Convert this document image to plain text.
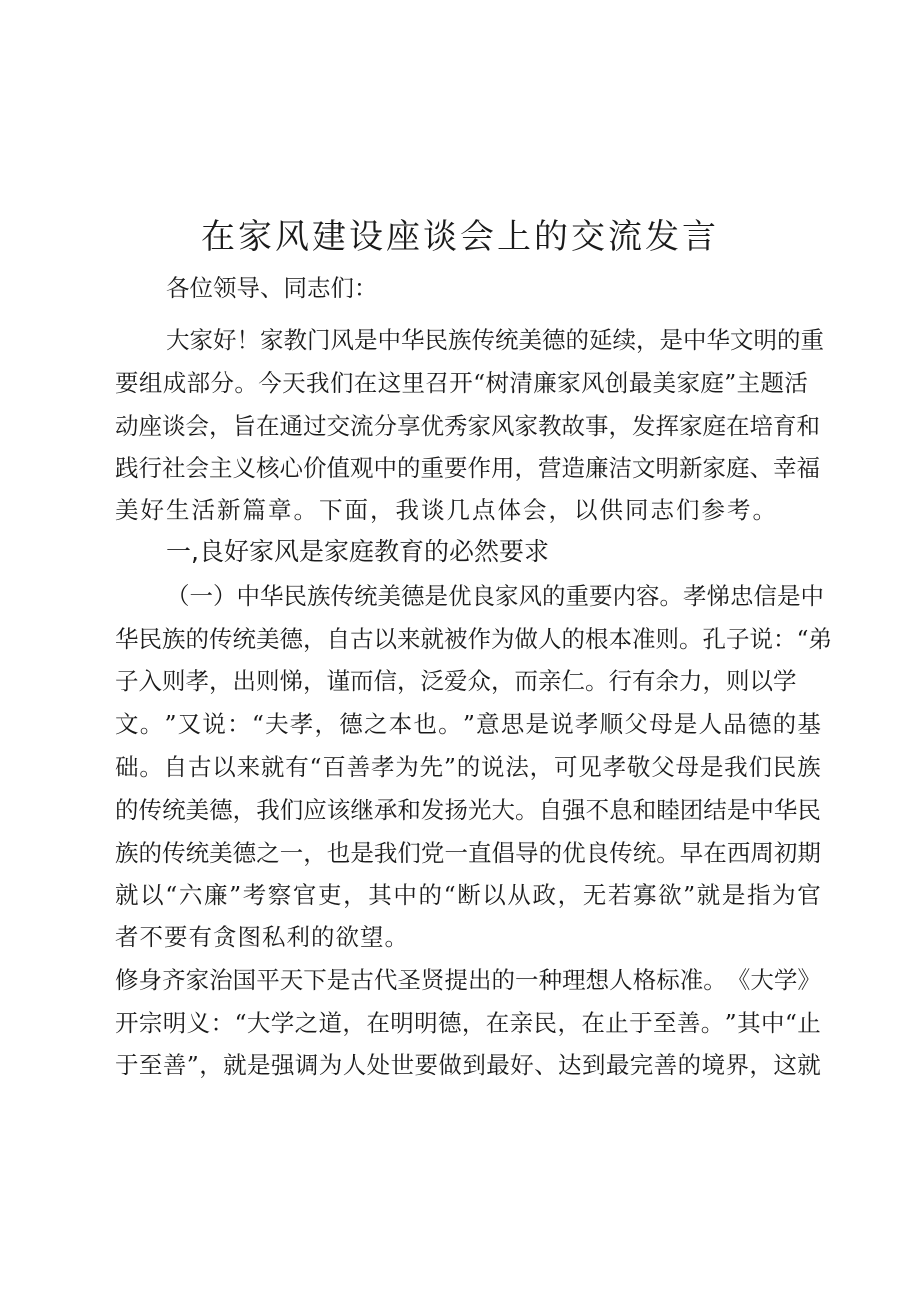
在家风建设座谈会上的交流发言
各位领导、同志们：
大 家 好 ！ 家 教 门 风 是 中 华 民 族 传 统 美 德 的 延 续 ， 是 中 华 文 明 的 重
要 组 成 部 分 。 今 天 我 们 在 这 里 召 开 “ 树 清 廉 家 风 创 最 美 家 庭 ” 主 题 活
动 座 谈 会 ， 旨 在 通 过 交 流 分 享 优 秀 家 风 家 教 故 事 ， 发 挥 家 庭 在 培 育 和
践 行 社 会 主 义 核 心 价 值 观 中 的 重 要 作 用 ， 营 造 廉 洁 文 明 新 家 庭 、 幸 福
美好生活新篇章。下面，我谈几点体会，以供同志们参考。
一,良好家风是家庭教育的必然要求
（ 一 ） 中 华 民 族 传 统 美 德 是 优 良 家 风 的 重 要 内 容 。 孝 悌 忠 信 是 中
华 民 族 的 传 统 美 德 ， 自 古 以 来 就 被 作 为 做 人 的 根 本 准 则 。 孔 子 说 ： “ 弟
子 入 则 孝 ， 出 则 悌 ， 谨 而 信 ， 泛 爱 众 ， 而 亲 仁 。 行 有 余 力 ， 则 以 学
文 。 ” 又 说 ： “ 夫 孝 ， 德 之 本 也 。 ” 意 思 是 说 孝 顺 父 母 是 人 品 德 的 基
础 。 自 古 以 来 就 有 “ 百 善 孝 为 先 ” 的 说 法 ， 可 见 孝 敬 父 母 是 我 们 民 族
的 传 统 美 德 ， 我 们 应 该 继 承 和 发 扬 光 大 。 自 强 不 息 和 睦 团 结 是 中 华 民
族 的 传 统 美 德 之 一 ， 也 是 我 们 党 一 直 倡 导 的 优 良 传 统 。 早 在 西 周 初 期
就 以 “ 六 廉 ” 考 察 官 吏 ， 其 中 的 “ 断 以 从 政 ， 无 若 寡 欲 ” 就 是 指 为 官
者不要有贪图私利的欲望。
修 身 齐 家 治 国 平 天 下 是 古 代 圣 贤 提 出 的 一 种 理 想 人 格 标 准 。 《 大 学 》
开 宗 明 义 ： “ 大 学 之 道 ， 在 明 明 德 ， 在 亲 民 ， 在 止 于 至 善 。 ” 其 中 “ 止
于 至 善 ” ， 就 是 强 调 为 人 处 世 要 做 到 最 好 、 达 到 最 完 善 的 境 界 ， 这 就
